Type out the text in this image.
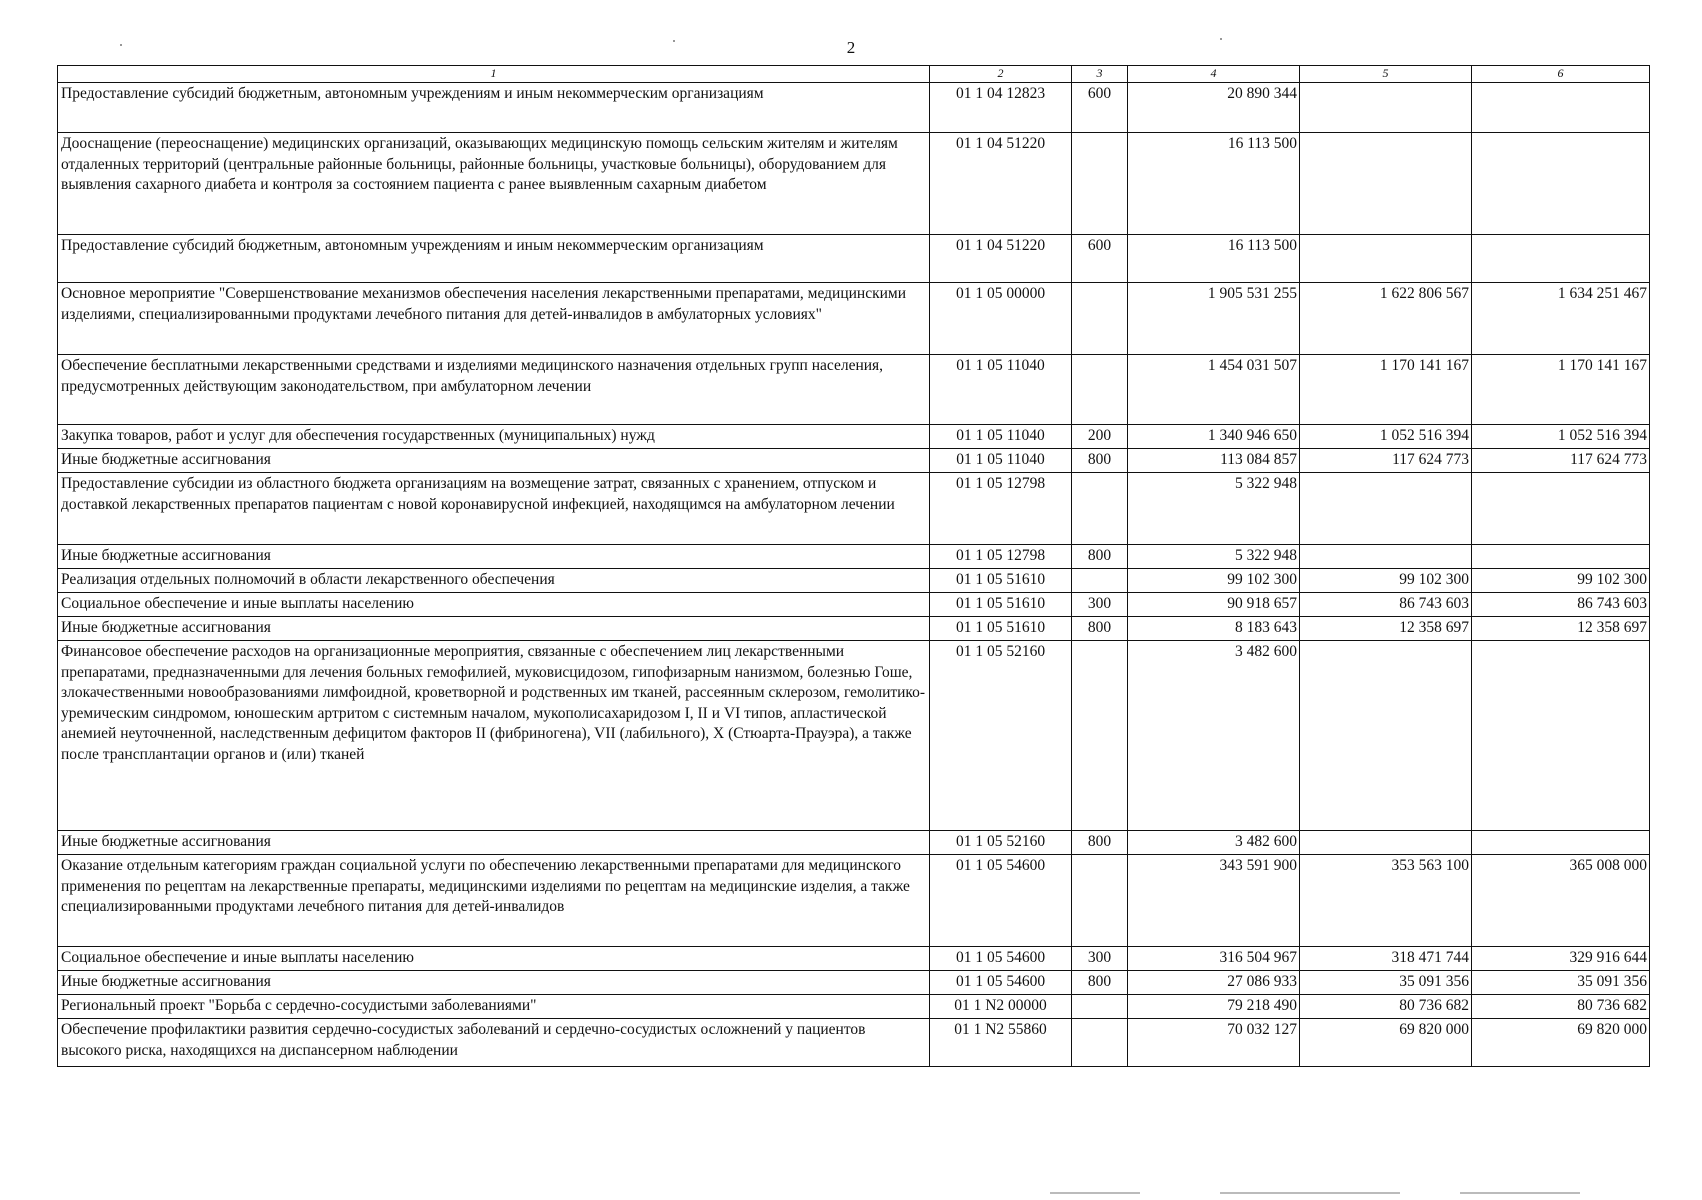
2
1	2	3	4	5	6
Предоставление субсидий бюджетным, автономным учреждениям и иным некоммерческим организациям	01 1 04 12823	600	20 890 344		
Дооснащение (переоснащение) медицинских организаций, оказывающих медицинскую помощь сельским жителям и жителям отдаленных территорий (центральные районные больницы, районные больницы, участковые больницы), оборудованием для выявления сахарного диабета и контроля за состоянием пациента с ранее выявленным сахарным диабетом	01 1 04 51220		16 113 500		
Предоставление субсидий бюджетным, автономным учреждениям и иным некоммерческим организациям	01 1 04 51220	600	16 113 500		
Основное мероприятие "Совершенствование механизмов обеспечения населения лекарственными препаратами, медицинскими изделиями, специализированными продуктами лечебного питания для детей-инвалидов в амбулаторных условиях"	01 1 05 00000		1 905 531 255	1 622 806 567	1 634 251 467
Обеспечение бесплатными лекарственными средствами и изделиями медицинского назначения отдельных групп населения, предусмотренных действующим законодательством, при амбулаторном лечении	01 1 05 11040		1 454 031 507	1 170 141 167	1 170 141 167
Закупка товаров, работ и услуг для обеспечения государственных (муниципальных) нужд	01 1 05 11040	200	1 340 946 650	1 052 516 394	1 052 516 394
Иные бюджетные ассигнования	01 1 05 11040	800	113 084 857	117 624 773	117 624 773
Предоставление субсидии из областного бюджета организациям на возмещение затрат, связанных с хранением, отпуском и доставкой лекарственных препаратов пациентам с новой коронавирусной инфекцией, находящимся на амбулаторном лечении	01 1 05 12798		5 322 948		
Иные бюджетные ассигнования	01 1 05 12798	800	5 322 948		
Реализация отдельных полномочий в области лекарственного обеспечения	01 1 05 51610		99 102 300	99 102 300	99 102 300
Социальное обеспечение и иные выплаты населению	01 1 05 51610	300	90 918 657	86 743 603	86 743 603
Иные бюджетные ассигнования	01 1 05 51610	800	8 183 643	12 358 697	12 358 697
Финансовое обеспечение расходов на организационные мероприятия, связанные с обеспечением лиц лекарственными препаратами, предназначенными для лечения больных гемофилией, муковисцидозом, гипофизарным нанизмом, болезнью Гоше, злокачественными новообразованиями лимфоидной, кроветворной и родственных им тканей, рассеянным склерозом, гемолитико-уремическим синдромом, юношеским артритом с системным началом, мукополисахаридозом I, II и VI типов, апластической анемией неуточненной, наследственным дефицитом факторов II (фибриногена), VII (лабильного), X (Стюарта-Прауэра), а также после трансплантации органов и (или) тканей	01 1 05 52160		3 482 600		
Иные бюджетные ассигнования	01 1 05 52160	800	3 482 600		
Оказание отдельным категориям граждан социальной услуги по обеспечению лекарственными препаратами для медицинского применения по рецептам на лекарственные препараты, медицинскими изделиями по рецептам на медицинские изделия, а также специализированными продуктами лечебного питания для детей-инвалидов	01 1 05 54600		343 591 900	353 563 100	365 008 000
Социальное обеспечение и иные выплаты населению	01 1 05 54600	300	316 504 967	318 471 744	329 916 644
Иные бюджетные ассигнования	01 1 05 54600	800	27 086 933	35 091 356	35 091 356
Региональный проект "Борьба с сердечно-сосудистыми заболеваниями"	01 1 N2 00000		79 218 490	80 736 682	80 736 682
Обеспечение профилактики развития сердечно-сосудистых заболеваний и сердечно-сосудистых осложнений у пациентов высокого риска, находящихся на диспансерном наблюдении	01 1 N2 55860		70 032 127	69 820 000	69 820 000
